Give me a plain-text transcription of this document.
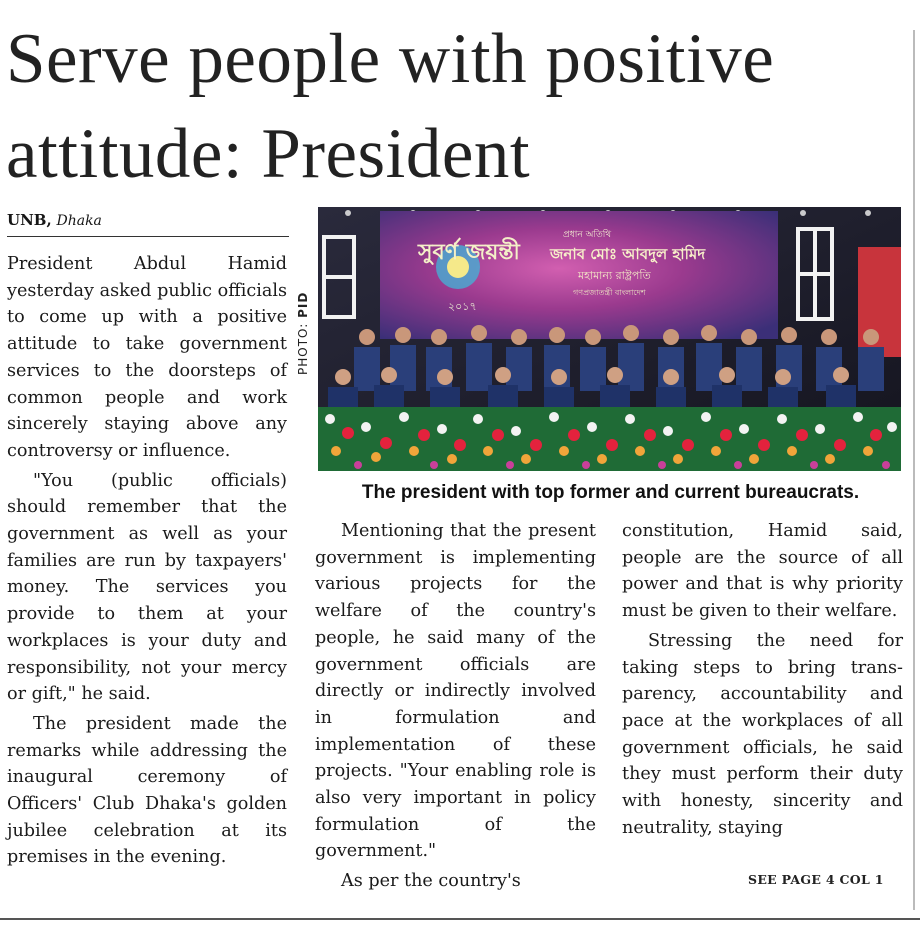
Serve people with positive attitude: President
UNB, Dhaka

President Abdul Hamid yesterday asked public officials to come up with a positive attitude to take government services to the doorsteps of common people and work sincerely staying above any controversy or influence.

"You (public officials) should remember that the government as well as your families are run by taxpayers' money. The services you provide to them at your workplaces is your duty and responsibility, not your mercy or gift," he said.

The president made the remarks while addressing the inaugural ceremony of Officers' Club Dhaka's golden jubilee celebration at its premises in the evening.

PHOTO: PID
সুবর্ণ জয়ন্তী
২০১৭
প্রধান অতিথি
জনাব মোঃ আবদুল হামিদ
মহামান্য রাষ্ট্রপতি
গণপ্রজাতন্ত্রী বাংলাদেশ

The president with top former and current bureaucrats.

Mentioning that the present government is implementing various projects for the welfare of the country's people, he said many of the government officials are directly or indirectly involved in formulation and implementation of these projects. "Your enabling role is also very important in policy formulation of the government."

As per the country's

constitution, Hamid said, people are the source of all power and that is why priority must be given to their welfare.

Stressing the need for taking steps to bring transparency, accountability and pace at the workplaces of all government officials, he said they must perform their duty with honesty, sincerity and neutrality, staying

SEE PAGE 4 COL 1
